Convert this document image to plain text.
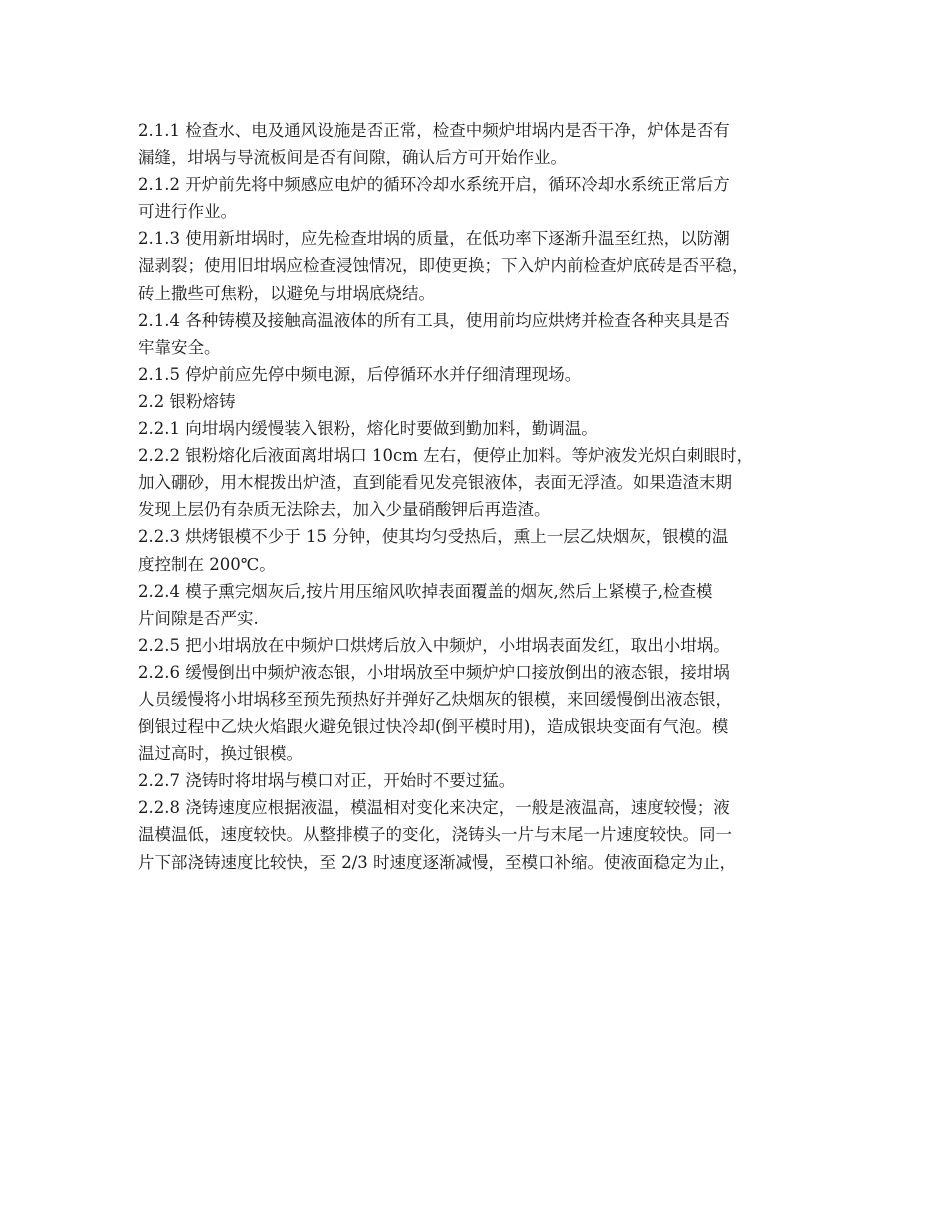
2.1.1 检查水、电及通风设施是否正常，检查中频炉坩埚内是否干净，炉体是否有
漏缝，坩埚与导流板间是否有间隙，确认后方可开始作业。
2.1.2 开炉前先将中频感应电炉的循环冷却水系统开启，循环冷却水系统正常后方
可进行作业。
2.1.3 使用新坩埚时，应先检查坩埚的质量，在低功率下逐渐升温至红热，以防潮
湿剥裂；使用旧坩埚应检查浸蚀情况，即使更换；下入炉内前检查炉底砖是否平稳，
砖上撒些可焦粉，以避免与坩埚底烧结。
2.1.4 各种铸模及接触高温液体的所有工具，使用前均应烘烤并检查各种夹具是否
牢靠安全。
2.1.5 停炉前应先停中频电源，后停循环水并仔细清理现场。
2.2 银粉熔铸
2.2.1 向坩埚内缓慢装入银粉，熔化时要做到勤加料，勤调温。
2.2.2 银粉熔化后液面离坩埚口 10cm 左右，便停止加料。等炉液发光炽白刺眼时，
加入硼砂，用木棍拨出炉渣，直到能看见发亮银液体，表面无浮渣。如果造渣末期
发现上层仍有杂质无法除去，加入少量硝酸钾后再造渣。
2.2.3 烘烤银模不少于 15 分钟，使其均匀受热后，熏上一层乙炔烟灰，银模的温
度控制在 200℃。
2.2.4 模子熏完烟灰后,按片用压缩风吹掉表面覆盖的烟灰,然后上紧模子,检查模
片间隙是否严实.
2.2.5 把小坩埚放在中频炉口烘烤后放入中频炉，小坩埚表面发红，取出小坩埚。
2.2.6 缓慢倒出中频炉液态银，小坩埚放至中频炉炉口接放倒出的液态银，接坩埚
人员缓慢将小坩埚移至预先预热好并弹好乙炔烟灰的银模，来回缓慢倒出液态银，
倒银过程中乙炔火焰跟火避免银过快冷却(倒平模时用)，造成银块变面有气泡。模
温过高时，换过银模。
2.2.7 浇铸时将坩埚与模口对正，开始时不要过猛。
2.2.8 浇铸速度应根据液温，模温相对变化来决定，一般是液温高，速度较慢；液
温模温低，速度较快。从整排模子的变化，浇铸头一片与末尾一片速度较快。同一
片下部浇铸速度比较快，至 2/3 时速度逐渐减慢，至模口补缩。使液面稳定为止，
